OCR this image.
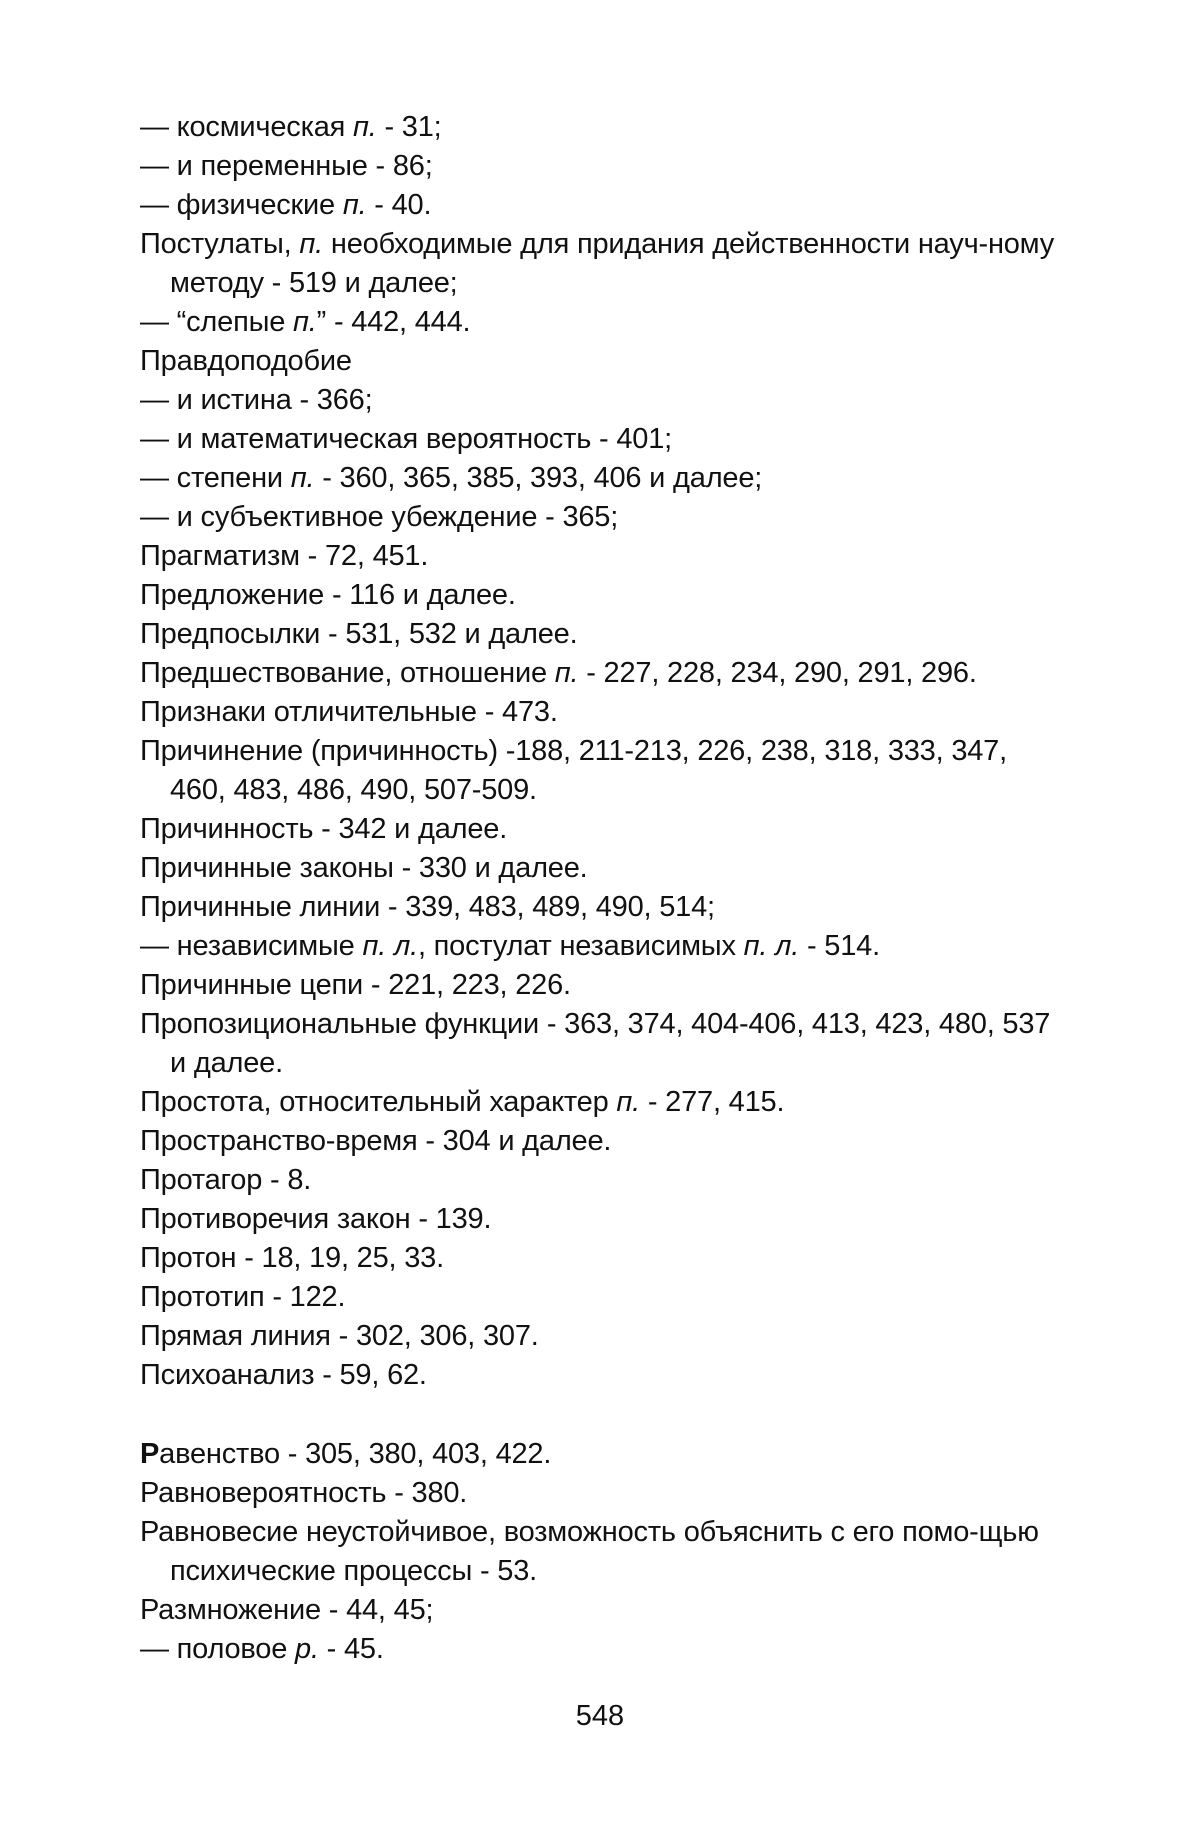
— космическая п. - 31;
— и переменные - 86;
— физические п. - 40.
Постулаты, п. необходимые для придания действенности науч-ному методу - 519 и далее;
— “слепые п.” - 442, 444.
Правдоподобие
— и истина - 366;
— и математическая вероятность - 401;
— степени п. - 360, 365, 385, 393, 406 и далее;
— и субъективное убеждение - 365;
Прагматизм - 72, 451.
Предложение - 116 и далее.
Предпосылки - 531, 532 и далее.
Предшествование, отношение п. - 227, 228, 234, 290, 291, 296.
Признаки отличительные - 473.
Причинение (причинность) -188, 211-213, 226, 238, 318, 333, 347, 460, 483, 486, 490, 507-509.
Причинность - 342 и далее.
Причинные законы - 330 и далее.
Причинные линии - 339, 483, 489, 490, 514;
— независимые п. л., постулат независимых п. л. - 514.
Причинные цепи - 221, 223, 226.
Пропозициональные функции - 363, 374, 404-406, 413, 423, 480, 537 и далее.
Простота, относительный характер п. - 277, 415.
Пространство-время - 304 и далее.
Протагор - 8.
Противоречия закон - 139.
Протон - 18, 19, 25, 33.
Прототип - 122.
Прямая линия - 302, 306, 307.
Психоанализ - 59, 62.
Равенство - 305, 380, 403, 422.
Равновероятность - 380.
Равновесие неустойчивое, возможность объяснить с его помо-щью психические процессы - 53.
Размножение - 44, 45;
— половое р. - 45.
548
